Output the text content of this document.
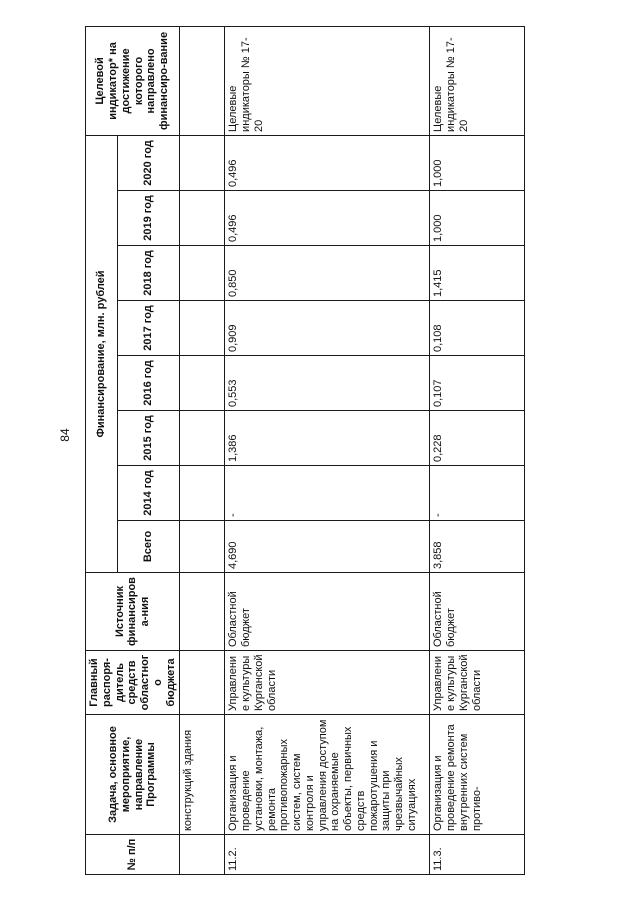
84
№ п/п	Задача, основное мероприятие, направление Программы	Главный распоря-дитель средств областного бюджета	Источник финансирова-ния	Финансирование, млн. рублей								Целевой индикатор* на достижение которого направлено финансиро-вание
				Всего	2014 год	2015 год	2016 год	2017 год	2018 год	2019 год	2020 год	
	конструкций здания											
11.2.	Организация и проведение установки, монтажа, ремонта противопожарных систем, систем контроля и управления доступом на охраняемые объекты, первичных средств пожаротушения и защиты при чрезвычайных ситуациях	Управление культуры Курганской области	Областной бюджет	4,690	-	1,386	0,553	0,909	0,850	0,496	0,496	Целевые индикаторы № 17-20
11.3.	Организация и проведение ремонта внутренних систем противо-	Управление культуры Курганской области	Областной бюджет	3,858	-	0,228	0,107	0,108	1,415	1,000	1,000	Целевые индикаторы № 17-20
